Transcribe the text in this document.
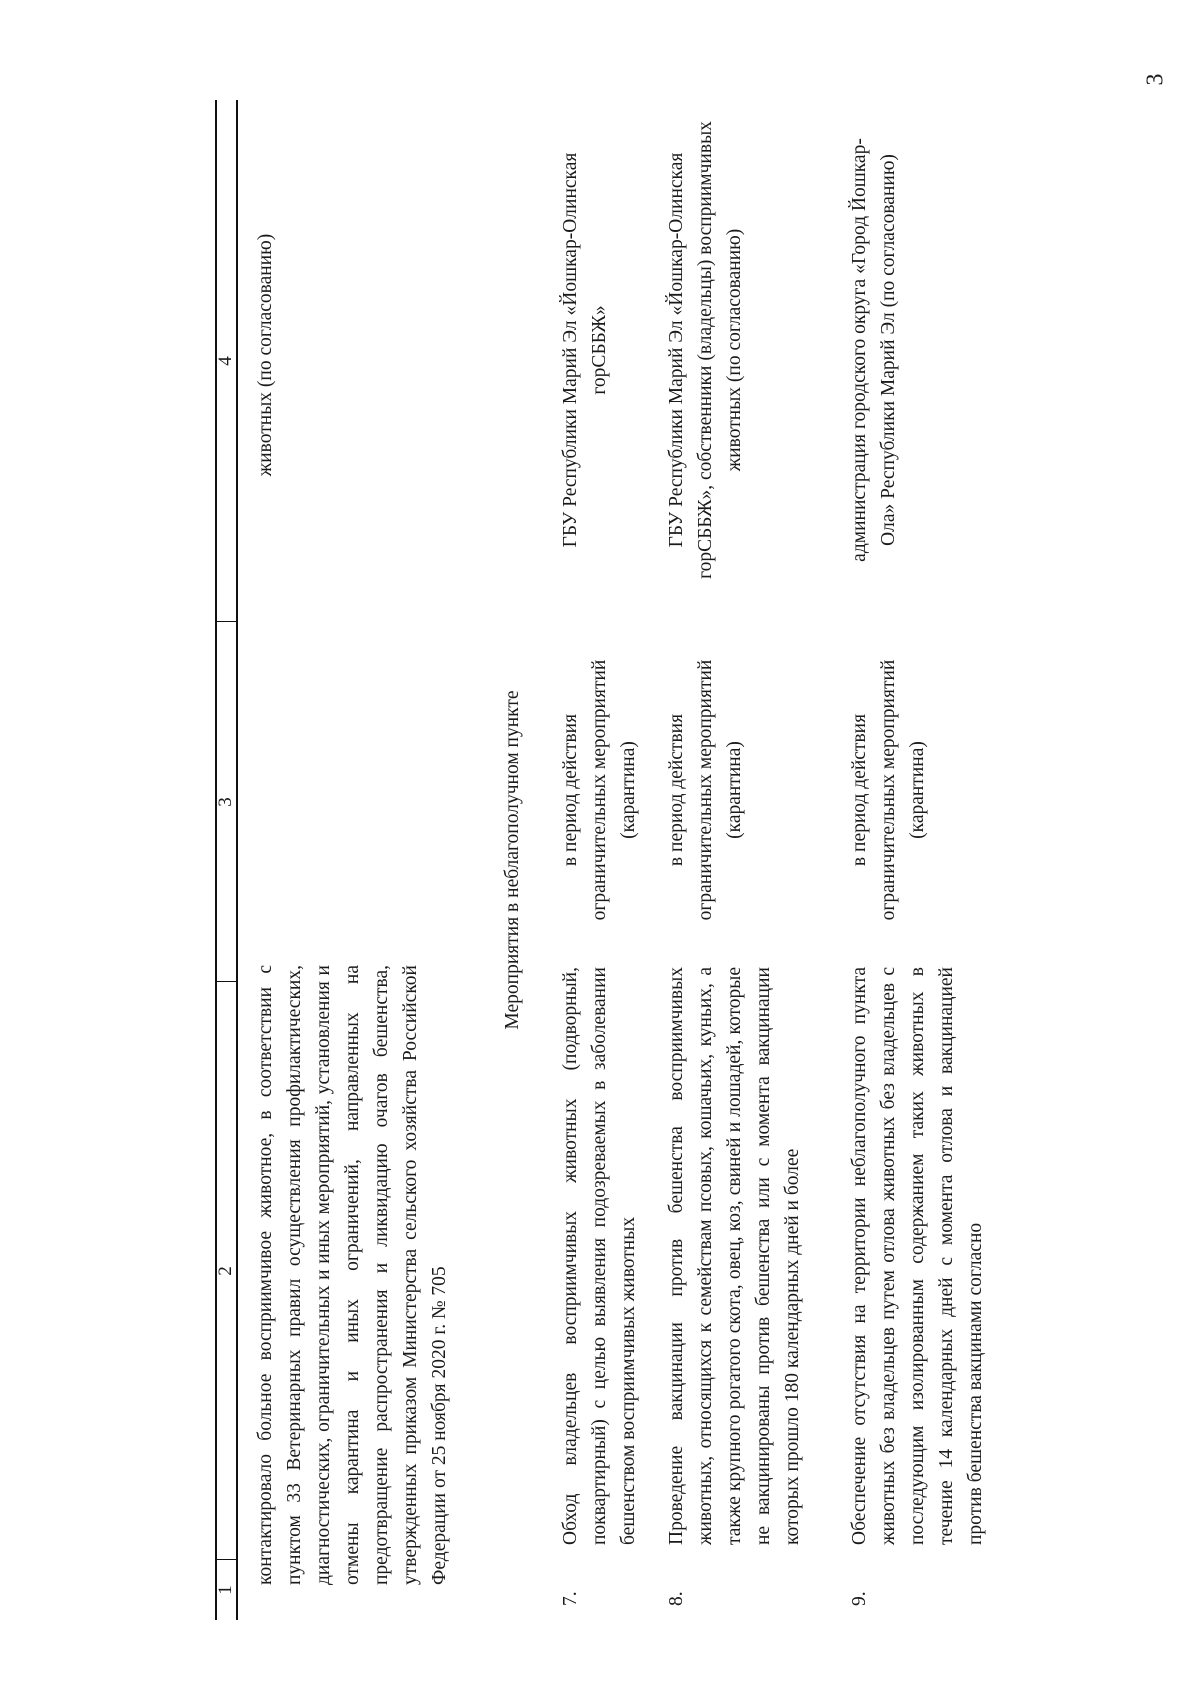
3
1
2
3
4
контактировало больное восприимчивое животное, в соответствии с пунктом 33 Ветеринарных правил осуществления профилактических, диагностических, ограничительных и иных мероприятий, установления и отмены карантина и иных ограничений, направленных на предотвращение распространения и ликвидацию очагов бешенства, утвержденных приказом Министерства сельского хозяйства Российской Федерации от 25 ноября 2020 г. № 705
животных (по согласованию)
Мероприятия в неблагополучном пункте
7.
Обход владельцев восприимчивых животных (подворный, поквартирный) с целью выявления подозреваемых в заболевании бешенством восприимчивых животных
в период действия ограничительных мероприятий (карантина)
ГБУ Республики Марий Эл «Йошкар-Олинская горСББЖ»
8.
Проведение вакцинации против бешенства восприимчивых животных, относящихся к семействам псовых, кошачьих, куньих, а также крупного рогатого скота, овец, коз, свиней и лошадей, которые не вакцинированы против бешенства или с момента вакцинации которых прошло 180 календарных дней и более
в период действия ограничительных мероприятий (карантина)
ГБУ Республики Марий Эл «Йошкар-Олинская горСББЖ», собственники (владельцы) восприимчивых животных (по согласованию)
9.
Обеспечение отсутствия на территории неблагополучного пункта животных без владельцев путем отлова животных без владельцев с последующим изолированным содержанием таких животных в течение 14 календарных дней с момента отлова и вакцинацией против бешенства вакцинами согласно
в период действия ограничительных мероприятий (карантина)
администрация городского округа «Город Йошкар-Ола» Республики Марий Эл (по согласованию)
